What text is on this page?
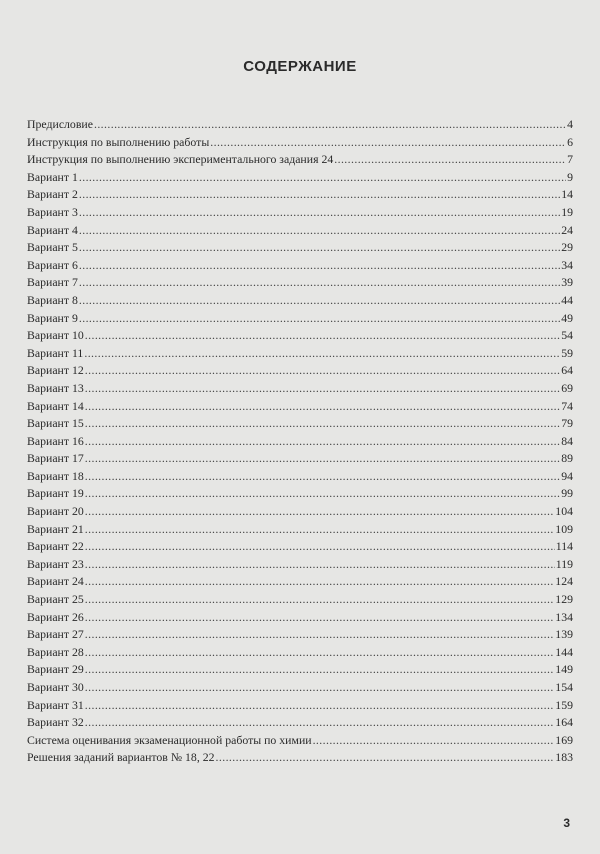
СОДЕРЖАНИЕ
Предисловие .....	4
Инструкция по выполнению работы .....	6
Инструкция по выполнению экспериментального задания 24 .....	7
Вариант 1 .....	9
Вариант 2 .....	14
Вариант 3 .....	19
Вариант 4 .....	24
Вариант 5 .....	29
Вариант 6 .....	34
Вариант 7 .....	39
Вариант 8 .....	44
Вариант 9 .....	49
Вариант 10 .....	54
Вариант 11 .....	59
Вариант 12 .....	64
Вариант 13 .....	69
Вариант 14 .....	74
Вариант 15 .....	79
Вариант 16 .....	84
Вариант 17 .....	89
Вариант 18 .....	94
Вариант 19 .....	99
Вариант 20 .....	104
Вариант 21 .....	109
Вариант 22 .....	114
Вариант 23 .....	119
Вариант 24 .....	124
Вариант 25 .....	129
Вариант 26 .....	134
Вариант 27 .....	139
Вариант 28 .....	144
Вариант 29 .....	149
Вариант 30 .....	154
Вариант 31 .....	159
Вариант 32 .....	164
Система оценивания экзаменационной работы по химии .....	169
Решения заданий вариантов № 18, 22 .....	183
3
